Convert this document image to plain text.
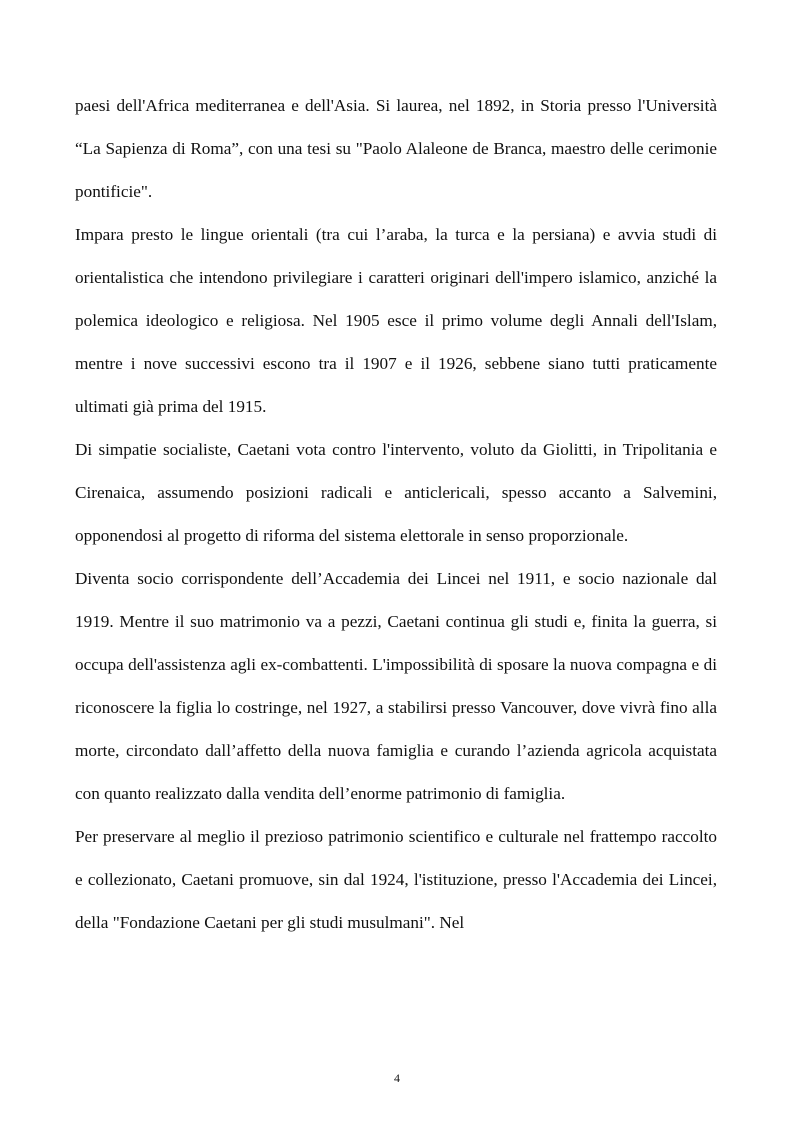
paesi dell'Africa mediterranea e dell'Asia. Si laurea, nel 1892, in Storia presso l'Università “La Sapienza di Roma”, con una tesi su "Paolo Alaleone de Branca, maestro delle cerimonie pontificie".

Impara presto le lingue orientali (tra cui l’araba, la turca e la persiana) e avvia studi di orientalistica che intendono privilegiare i caratteri originari dell'impero islamico, anziché la polemica ideologico e religiosa. Nel 1905 esce il primo volume degli Annali dell'Islam, mentre i nove successivi escono tra il 1907 e il 1926, sebbene siano tutti praticamente ultimati già prima del 1915.

Di simpatie socialiste, Caetani vota contro l'intervento, voluto da Giolitti, in Tripolitania e Cirenaica, assumendo posizioni radicali e anticlericali, spesso accanto a Salvemini, opponendosi al progetto di riforma del sistema elettorale in senso proporzionale.

Diventa socio corrispondente dell’Accademia dei Lincei nel 1911, e socio nazionale dal 1919. Mentre il suo matrimonio va a pezzi, Caetani continua gli studi e, finita la guerra, si occupa dell'assistenza agli ex-combattenti. L'impossibilità di sposare la nuova compagna e di riconoscere la figlia lo costringe, nel 1927, a stabilirsi presso Vancouver, dove vivrà fino alla morte, circondato dall’affetto della nuova famiglia e curando l’azienda agricola acquistata con quanto realizzato dalla vendita dell’enorme patrimonio di famiglia.

Per preservare al meglio il prezioso patrimonio scientifico e culturale nel frattempo raccolto e collezionato, Caetani promuove, sin dal 1924, l'istituzione, presso l'Accademia dei Lincei, della "Fondazione Caetani per gli studi musulmani". Nel

4
